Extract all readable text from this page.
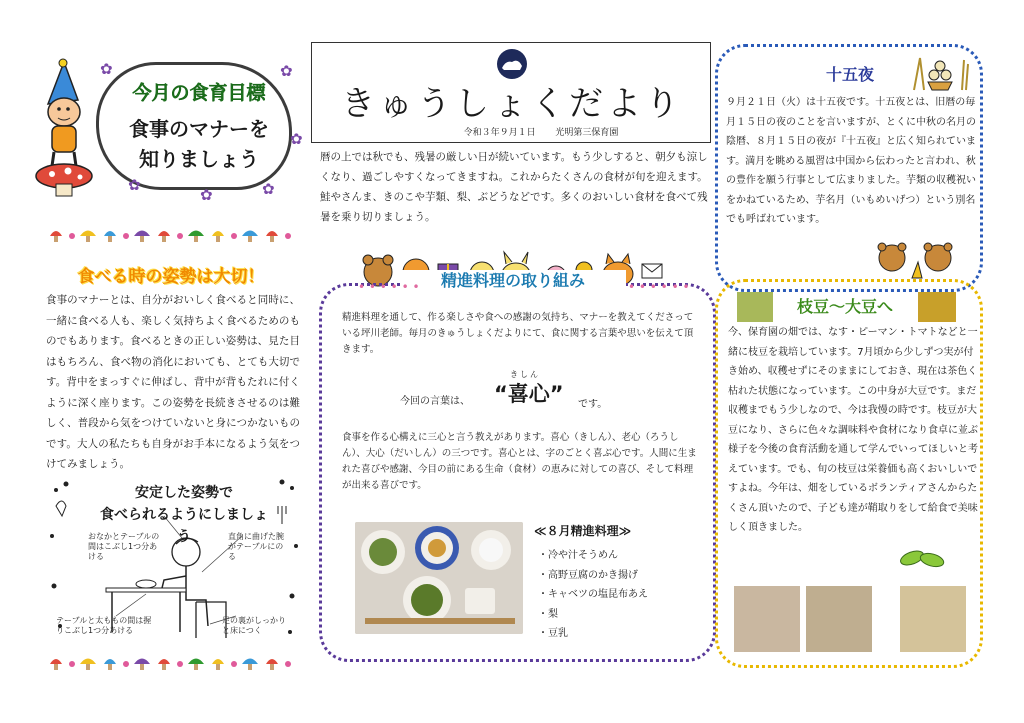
✿	✿
✿
✿	✿
✿
今月の食育目標
食事のマナーを
知りましょう
食べる時の姿勢は大切！
食事のマナーとは、自分がおいしく食べると同時に、一緒に食べる人も、楽しく気持ちよく食べるためのものでもあります。食べるときの正しい姿勢は、見た目はもちろん、食べ物の消化においても、とても大切です。背中をまっすぐに伸ばし、背中が背もたれに付くように深く座ります。この姿勢を長続きさせるのは難しく、普段から気をつけていないと身につかないものです。大人の私たちも自身がお手本になるよう気をつけてみましょう。
安定した姿勢で
食べられるようにしましょう
おなかとテーブルの間はこぶし1つ分あける
直角に曲げた腕がテーブルにのる
テーブルと太ももの間は握りこぶし1つ分あける
足の裏がしっかりと床につく
きゅうしょくだより
令和３年９月１日 光明第三保育園
暦の上では秋でも、残暑の厳しい日が続いています。もう少しすると、朝夕も涼しくなり、過ごしやすくなってきますね。これからたくさんの食材が旬を迎えます。鮭やさんま、きのこや芋類、梨、ぶどうなどです。多くのおいしい食材を食べて残暑を乗り切りましょう。
• • • • • •	• • • • • •
精進料理の取り組み
精進料理を通して、作る楽しさや食への感謝の気持ち、マナーを教えてくださっている坪川老師。毎月のきゅうしょくだよりにて、食に関する言葉や思いを伝えて頂きます。
今回の言葉は、
きしん
“喜心” です。
食事を作る心構えに三心と言う教えがあります。喜心（きしん）、老心（ろうしん）、大心（だいしん）の三つです。喜心とは、字のごとく喜ぶ心です。人間に生まれた喜びや感謝、今目の前にある生命（食材）の恵みに対しての喜び、そして料理が出来る喜びです。
≪８月精進料理≫
・冷や汁そうめん
・高野豆腐のかき揚げ
・キャベツの塩昆布あえ
・梨
・豆乳
十五夜
９月２１日（火）は十五夜です。十五夜とは、旧暦の毎月１５日の夜のことを言いますが、とくに中秋の名月の陰暦、８月１５日の夜が『十五夜』と広く知られています。満月を眺める風習は中国から伝わったと言われ、秋の豊作を願う行事として広まりました。芋類の収穫祝いをかねているため、芋名月（いもめいげつ）という別名でも呼ばれています。
枝豆～大豆へ
今、保育園の畑では、なす・ピーマン・トマトなどと一緒に枝豆を栽培しています。7月頃から少しずつ実が付き始め、収穫せずにそのままにしておき、現在は茶色く枯れた状態になっています。この中身が大豆です。まだ収穫までもう少しなので、今は我慢の時です。枝豆が大豆になり、さらに色々な調味料や食材になり食卓に並ぶ様子を今後の食育活動を通して学んでいってほしいと考えています。でも、旬の枝豆は栄養価も高くおいしいですよね。今年は、畑をしているボランティアさんからたくさん頂いたので、子ども達が鞘取りをして給食で美味しく頂きました。
